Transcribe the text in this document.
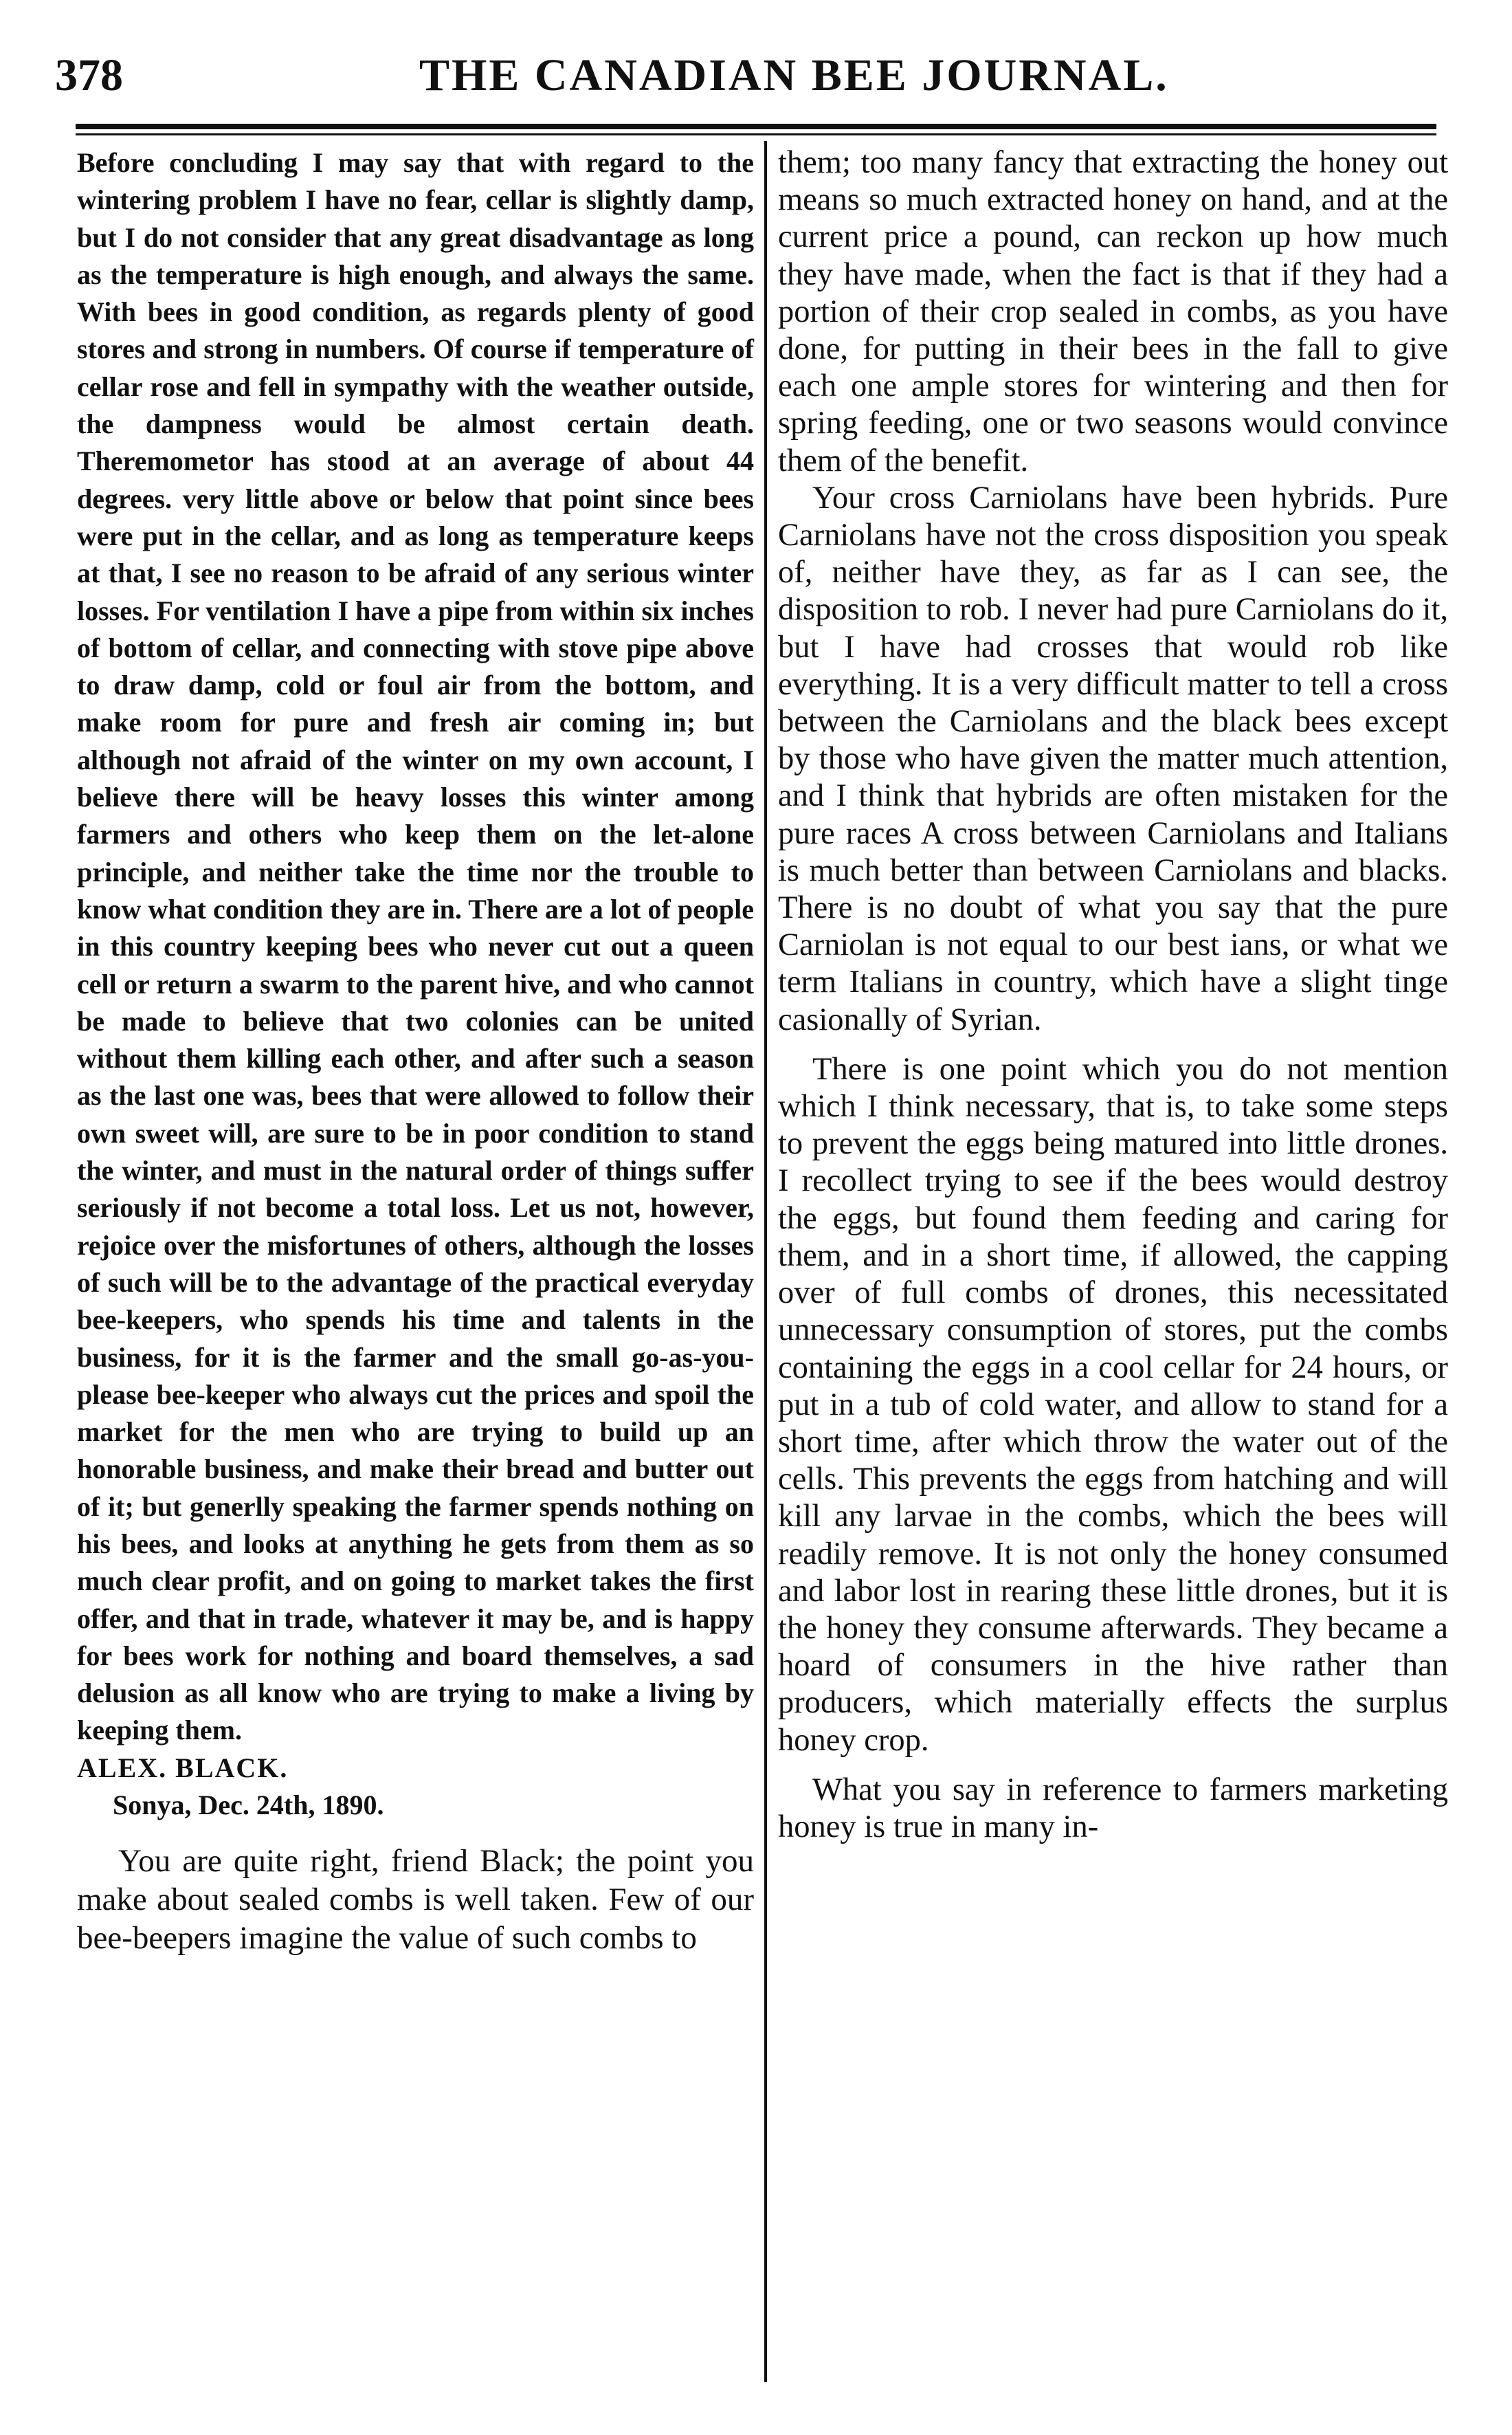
378	THE CANADIAN BEE JOURNAL.

Before concluding I may say that with regard to the wintering problem I have no fear, cellar is slightly damp, but I do not consider that any great disadvantage as long as the temperature is high enough, and always the same. With bees in good condition, as regards plenty of good stores and strong in numbers. Of course if temperature of cellar rose and fell in sympathy with the weather outside, the dampness would be almost certain death. Theremometor has stood at an average of about 44 degrees. very little above or below that point since bees were put in the cellar, and as long as temperature keeps at that, I see no reason to be afraid of any serious winter losses. For ventilation I have a pipe from within six inches of bottom of cellar, and connecting with stove pipe above to draw damp, cold or foul air from the bottom, and make room for pure and fresh air coming in; but although not afraid of the winter on my own account, I believe there will be heavy losses this winter among farmers and others who keep them on the let-alone principle, and neither take the time nor the trouble to know what condition they are in. There are a lot of people in this country keeping bees who never cut out a queen cell or return a swarm to the parent hive, and who cannot be made to believe that two colonies can be united without them killing each other, and after such a season as the last one was, bees that were allowed to follow their own sweet will, are sure to be in poor condition to stand the winter, and must in the natural order of things suffer seriously if not become a total loss. Let us not, however, rejoice over the misfortunes of others, although the losses of such will be to the advantage of the practical everyday bee-keepers, who spends his time and talents in the business, for it is the farmer and the small go-as-you-please bee-keeper who always cut the prices and spoil the market for the men who are trying to build up an honorable business, and make their bread and butter out of it; but generlly speaking the farmer spends nothing on his bees, and looks at anything he gets from them as so much clear profit, and on going to market takes the first offer, and that in trade, whatever it may be, and is happy for bees work for nothing and board themselves, a sad delusion as all know who are trying to make a living by keeping them.

ALEX. BLACK.

Sonya, Dec. 24th, 1890.

You are quite right, friend Black; the point you make about sealed combs is well taken. Few of our bee-beepers imagine the value of such combs to

them; too many fancy that extracting the honey out means so much extracted honey on hand, and at the current price a pound, can reckon up how much they have made, when the fact is that if they had a portion of their crop sealed in combs, as you have done, for putting in their bees in the fall to give each one ample stores for wintering and then for spring feeding, one or two seasons would convince them of the benefit.

Your cross Carniolans have been hybrids. Pure Carniolans have not the cross disposition you speak of, neither have they, as far as I can see, the disposition to rob. I never had pure Carniolans do it, but I have had crosses that would rob like everything. It is a very difficult matter to tell a cross between the Carniolans and the black bees except by those who have given the matter much attention, and I think that hybrids are often mistaken for the pure races A cross between Carniolans and Italians is much better than between Carniolans and blacks. There is no doubt of what you say that the pure Carniolan is not equal to our best ians, or what we term Italians in country, which have a slight tinge casionally of Syrian.

There is one point which you do not mention which I think necessary, that is, to take some steps to prevent the eggs being matured into little drones. I recollect trying to see if the bees would destroy the eggs, but found them feeding and caring for them, and in a short time, if allowed, the capping over of full combs of drones, this necessitated unnecessary consumption of stores, put the combs containing the eggs in a cool cellar for 24 hours, or put in a tub of cold water, and allow to stand for a short time, after which throw the water out of the cells. This prevents the eggs from hatching and will kill any larvae in the combs, which the bees will readily remove. It is not only the honey consumed and labor lost in rearing these little drones, but it is the honey they consume afterwards. They became a hoard of consumers in the hive rather than producers, which materially effects the surplus honey crop.

What you say in reference to farmers marketing honey is true in many in-
